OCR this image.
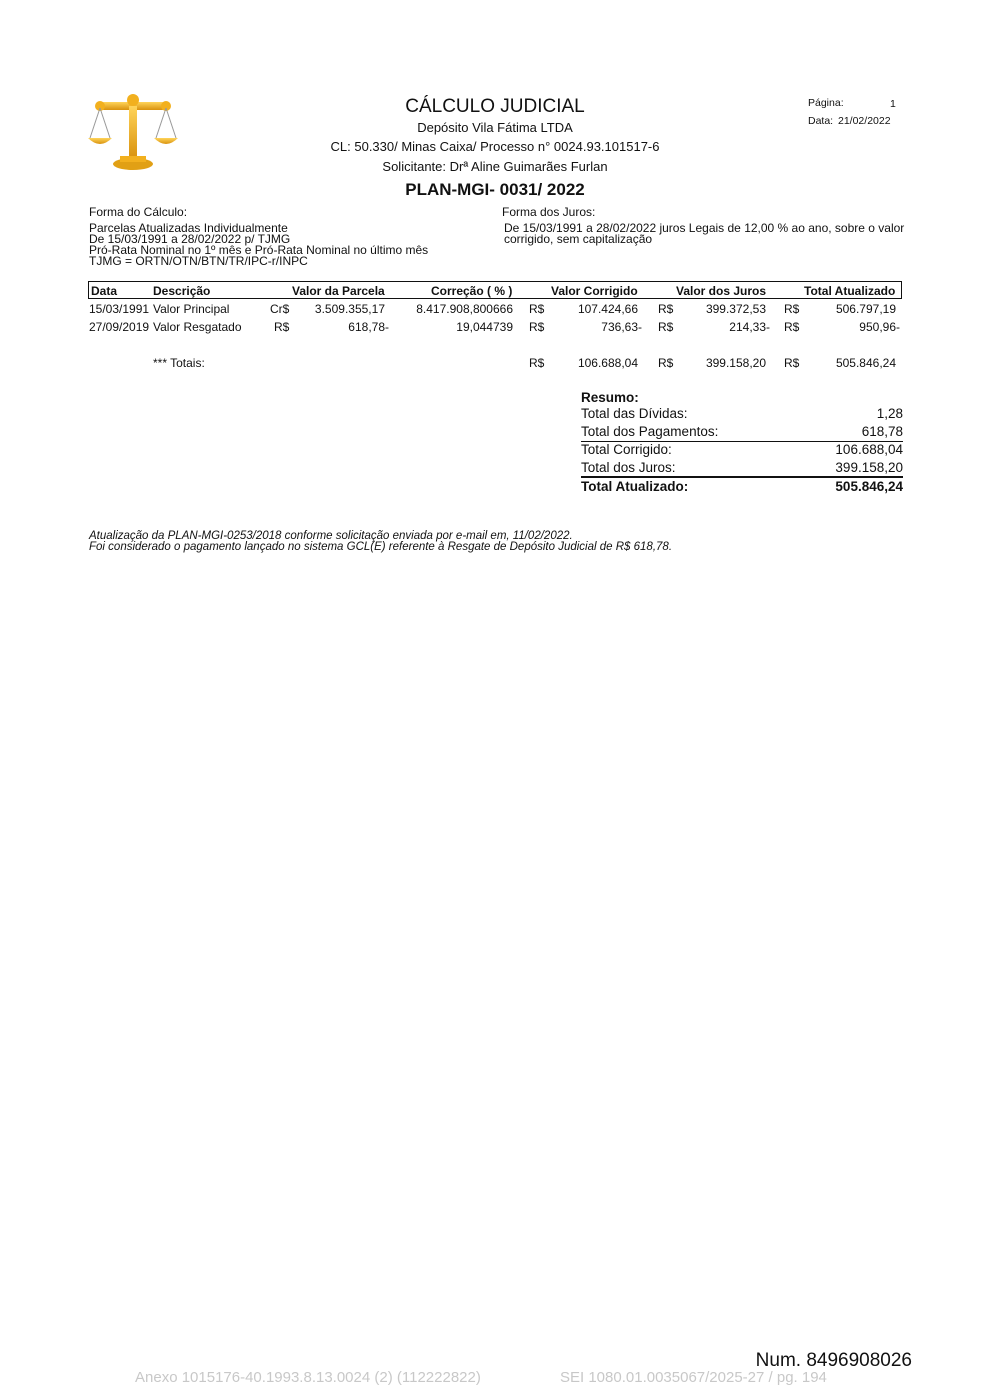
CÁLCULO JUDICIAL
Depósito Vila Fátima LTDA
CL: 50.330/ Minas Caixa/ Processo n° 0024.93.101517-6
Solicitante: Drª Aline Guimarães Furlan
PLAN-MGI- 0031/ 2022
Página:	1
Data: 21/02/2022
Forma do Cálculo:
Parcelas Atualizadas Individualmente
De 15/03/1991 a 28/02/2022 p/ TJMG
Pró-Rata Nominal no 1º mês e Pró-Rata Nominal no último mês
TJMG = ORTN/OTN/BTN/TR/IPC-r/INPC
Forma dos Juros:
De 15/03/1991 a 28/02/2022 juros Legais de 12,00 % ao ano, sobre o valor
corrigido, sem capitalização
Data	Descrição	Valor da Parcela	Correção ( % )	Valor Corrigido	Valor dos Juros	Total Atualizado
15/03/1991 Valor Principal	Cr$	3.509.355,17	8.417.908,800666 R$	107.424,66 R$	399.372,53 R$	506.797,19
27/09/2019 Valor Resgatado	R$	618,78-	19,044739 R$	736,63- R$	214,33- R$	950,96-
*** Totais:	R$	106.688,04 R$	399.158,20 R$	505.846,24
Resumo:
Total das Dívidas:	1,28
Total dos Pagamentos:	618,78
Total Corrigido:	106.688,04
Total dos Juros:	399.158,20
Total Atualizado:	505.846,24
Atualização da PLAN-MGI-0253/2018 conforme solicitação enviada por e-mail em, 11/02/2022.
Foi considerado o pagamento lançado no sistema GCL(E) referente à Resgate de Depósito Judicial de R$ 618,78.
Num. 8496908026
Anexo 1015176-40.1993.8.13.0024 (2) (112222822)	SEI 1080.01.0035067/2025-27 / pg. 194
